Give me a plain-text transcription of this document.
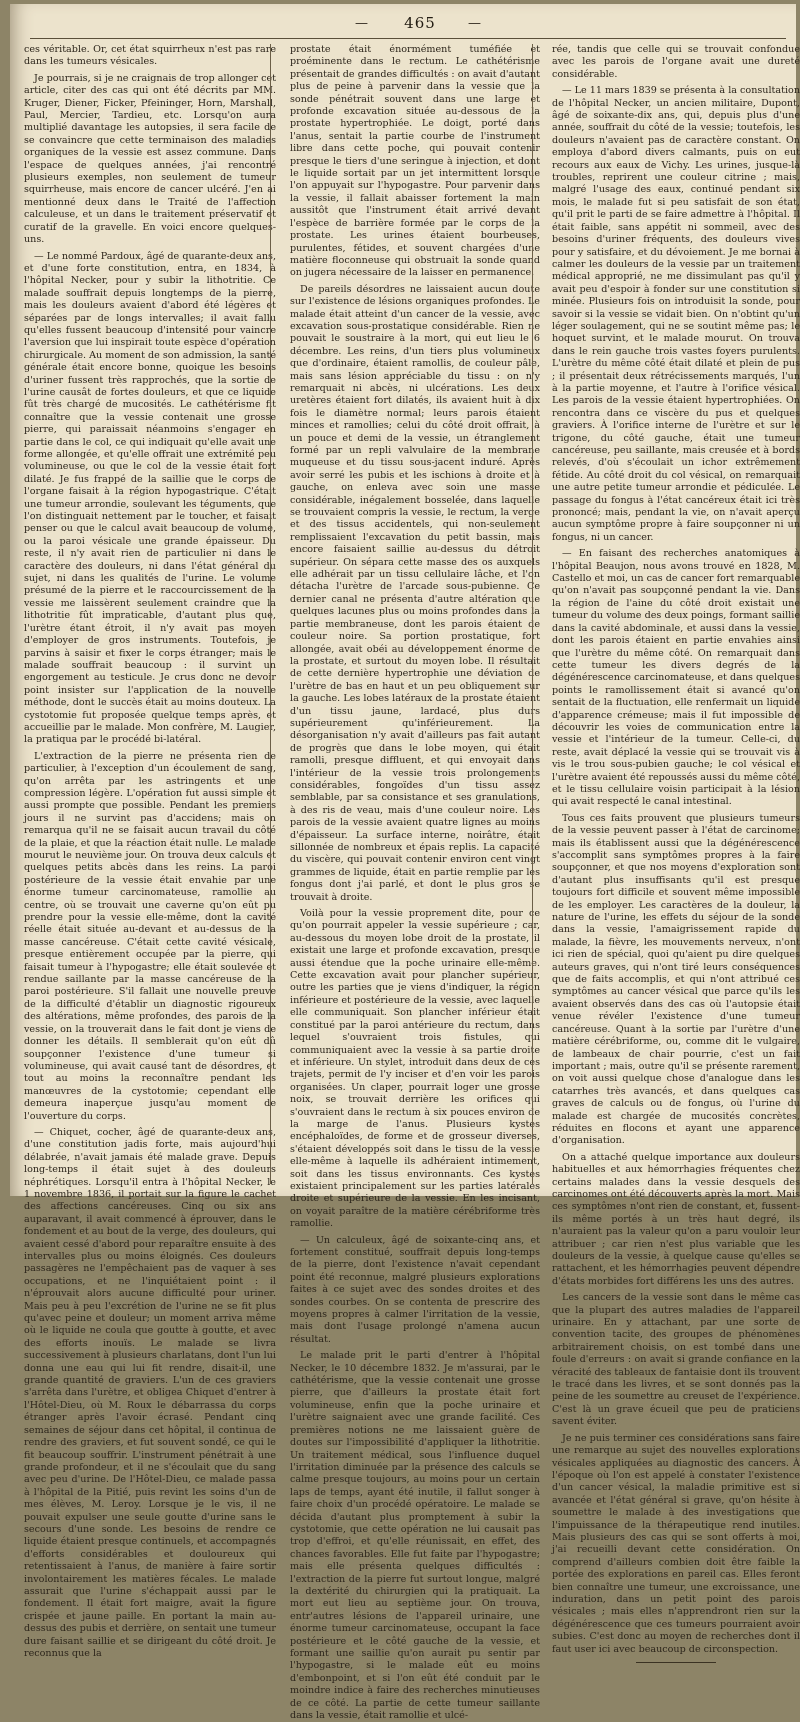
—	465	—

ces véritable. Or, cet état squirrheux n'est pas rare dans les tumeurs vésicales.

Je pourrais, si je ne craignais de trop allonger cet article, citer des cas qui ont été décrits par MM. Kruger, Diener, Ficker, Pfeininger, Horn, Marshall, Paul, Mercier, Tardieu, etc. Lorsqu'on aura multiplié davantage les autopsies, il sera facile de se convaincre que cette terminaison des maladies organiques de la vessie est assez commune. Dans l'espace de quelques années, j'ai rencontré plusieurs exemples, non seulement de tumeur squirrheuse, mais encore de cancer ulcéré. J'en ai mentionné deux dans le Traité de l'affection calculeuse, et un dans le traitement préservatif et curatif de la gravelle. En voici encore quelques-uns.

— Le nommé Pardoux, âgé de quarante-deux ans, et d'une forte constitution, entra, en 1834, à l'hôpital Necker, pour y subir la lithotritie. Ce malade souffrait depuis longtemps de la pierre, mais les douleurs avaient d'abord été légères et séparées par de longs intervalles; il avait fallu qu'elles fussent beaucoup d'intensité pour vaincre l'aversion que lui inspirait toute espèce d'opération chirurgicale. Au moment de son admission, la santé générale était encore bonne, quoique les besoins d'uriner fussent très rapprochés, que la sortie de l'urine causât de fortes douleurs, et que ce liquide fût très chargé de mucosités. Le cathétérisme fit connaître que la vessie contenait une grosse pierre, qui paraissait néanmoins s'engager en partie dans le col, ce qui indiquait qu'elle avait une forme allongée, et qu'elle offrait une extrémité peu volumineuse, ou que le col de la vessie était fort dilaté. Je fus frappé de la saillie que le corps de l'organe faisait à la région hypogastrique. C'était une tumeur arrondie, soulevant les téguments, que l'on distinguait nettement par le toucher, et faisait penser ou que le calcul avait beaucoup de volume, ou la paroi vésicale une grande épaisseur. Du reste, il n'y avait rien de particulier ni dans le caractère des douleurs, ni dans l'état général du sujet, ni dans les qualités de l'urine. Le volume présumé de la pierre et le raccourcissement de la vessie me laissèrent seulement craindre que la lithotritie fût impraticable, d'autant plus que, l'urètre étant étroit, il n'y avait pas moyen d'employer de gros instruments. Toutefois, je parvins à saisir et fixer le corps étranger; mais le malade souffrait beaucoup : il survint un engorgement au testicule. Je crus donc ne devoir point insister sur l'application de la nouvelle méthode, dont le succès était au moins douteux. La cystotomie fut proposée quelque temps après, et accueillie par le malade. Mon confrère, M. Laugier, la pratiqua par le procédé bi-latéral.

L'extraction de la pierre ne présenta rien de particulier, à l'exception d'un écoulement de sang, qu'on arrêta par les astringents et une compression légère. L'opération fut aussi simple et aussi prompte que possible. Pendant les premiers jours il ne survint pas d'accidens; mais on remarqua qu'il ne se faisait aucun travail du côté de la plaie, et que la réaction était nulle. Le malade mourut le neuvième jour. On trouva deux calculs et quelques petits abcès dans les reins. La paroi postérieure de la vessie était envahie par une énorme tumeur carcinomateuse, ramollie au centre, où se trouvait une caverne qu'on eût pu prendre pour la vessie elle-même, dont la cavité réelle était située au-devant et au-dessus de la masse cancéreuse. C'était cette cavité vésicale, presque entièrement occupée par la pierre, qui faisait tumeur à l'hypogastre; elle était soulevée et rendue saillante par la masse cancéreuse de la paroi postérieure. S'il fallait une nouvelle preuve de la difficulté d'établir un diagnostic rigoureux des altérations, même profondes, des parois de la vessie, on la trouverait dans le fait dont je viens de donner les détails. Il semblerait qu'on eût dû soupçonner l'existence d'une tumeur si volumineuse, qui avait causé tant de désordres, et tout au moins la reconnaître pendant les manœuvres de la cystotomie; cependant elle demeura inaperçue jusqu'au moment de l'ouverture du corps.

— Chiquet, cocher, âgé de quarante-deux ans, d'une constitution jadis forte, mais aujourd'hui délabrée, n'avait jamais été malade grave. Depuis long-temps il était sujet à des douleurs néphrétiques. Lorsqu'il entra à l'hôpital Necker, le 1 novembre 1836, il portait sur la figure le cachet des affections cancéreuses. Cinq ou six ans auparavant, il avait commencé à éprouver, dans le fondement et au bout de la verge, des douleurs, qui avaient cessé d'abord pour reparaître ensuite à des intervalles plus ou moins éloignés. Ces douleurs passagères ne l'empêchaient pas de vaquer à ses occupations, et ne l'inquiétaient point : il n'éprouvait alors aucune difficulté pour uriner. Mais peu à peu l'excrétion de l'urine ne se fit plus qu'avec peine et douleur; un moment arriva même où le liquide ne coula que goutte à goutte, et avec des efforts inouïs. Le malade se livra successivement à plusieurs charlatans, dont l'un lui donna une eau qui lui fit rendre, disait-il, une grande quantité de graviers. L'un de ces graviers s'arrêta dans l'urètre, et obligea Chiquet d'entrer à l'Hôtel-Dieu, où M. Roux le débarrassa du corps étranger après l'avoir écrasé. Pendant cinq semaines de séjour dans cet hôpital, il continua de rendre des graviers, et fut souvent sondé, ce qui le fit beaucoup souffrir. L'instrument pénétrait à une grande profondeur, et il ne s'écoulait que du sang avec peu d'urine. De l'Hôtel-Dieu, ce malade passa à l'hôpital de la Pitié, puis revint les soins d'un de mes élèves, M. Leroy. Lorsque je le vis, il ne pouvait expulser une seule goutte d'urine sans le secours d'une sonde. Les besoins de rendre ce liquide étaient presque continuels, et accompagnés d'efforts considérables et douloureux qui retentissaient à l'anus, de manière à faire sortir involontairement les matières fécales. Le malade assurait que l'urine s'échappait aussi par le fondement. Il était fort maigre, avait la figure crispée et jaune paille. En portant la main au-dessus des pubis et derrière, on sentait une tumeur dure faisant saillie et se dirigeant du côté droit. Je reconnus que la

prostate était énormément tuméfiée et proéminente dans le rectum. Le cathétérisme présentait de grandes difficultés : on avait d'autant plus de peine à parvenir dans la vessie que la sonde pénétrait souvent dans une large et profonde excavation située au-dessous de la prostate hypertrophiée. Le doigt, porté dans l'anus, sentait la partie courbe de l'instrument libre dans cette poche, qui pouvait contenir presque le tiers d'une seringue à injection, et dont le liquide sortait par un jet intermittent lorsque l'on appuyait sur l'hypogastre. Pour parvenir dans la vessie, il fallait abaisser fortement la main aussitôt que l'instrument était arrivé devant l'espèce de barrière formée par le corps de la prostate. Les urines étaient bourbeuses, purulentes, fétides, et souvent chargées d'une matière floconneuse qui obstruait la sonde quand on jugera nécessaire de la laisser en permanence.

De pareils désordres ne laissaient aucun doute sur l'existence de lésions organiques profondes. Le malade était atteint d'un cancer de la vessie, avec excavation sous-prostatique considérable. Rien ne pouvait le soustraire à la mort, qui eut lieu le 6 décembre. Les reins, d'un tiers plus volumineux que d'ordinaire, étaient ramollis, de couleur pâle, mais sans lésion appréciable du tissu : on n'y remarquait ni abcès, ni ulcérations. Les deux uretères étaient fort dilatés, ils avaient huit à dix fois le diamètre normal; leurs parois étaient minces et ramollies; celui du côté droit offrait, à un pouce et demi de la vessie, un étranglement formé par un repli valvulaire de la membrane muqueuse et du tissu sous-jacent induré. Après avoir serré les pubis et les ischions à droite et à gauche, on enleva avec soin une masse considérable, inégalement bosselée, dans laquelle se trouvaient compris la vessie, le rectum, la verge et des tissus accidentels, qui non-seulement remplissaient l'excavation du petit bassin, mais encore faisaient saillie au-dessus du détroit supérieur. On sépara cette masse des os auxquels elle adhérait par un tissu cellulaire lâche, et l'on détacha l'urètre de l'arcade sous-pubienne. Ce dernier canal ne présenta d'autre altération que quelques lacunes plus ou moins profondes dans la partie membraneuse, dont les parois étaient de couleur noire. Sa portion prostatique, fort allongée, avait obéi au développement énorme de la prostate, et surtout du moyen lobe. Il résultait de cette dernière hypertrophie une déviation de l'urètre de bas en haut et un peu obliquement sur la gauche. Les lobes latéraux de la prostate étaient d'un tissu jaune, lardacé, plus durs supérieurement qu'inférieurement. La désorganisation n'y avait d'ailleurs pas fait autant de progrès que dans le lobe moyen, qui était ramolli, presque diffluent, et qui envoyait dans l'intérieur de la vessie trois prolongements considérables, fongoïdes d'un tissu assez semblable, par sa consistance et ses granulations, à des ris de veau, mais d'une couleur noire. Les parois de la vessie avaient quatre lignes au moins d'épaisseur. La surface interne, noirâtre, était sillonnée de nombreux et épais replis. La capacité du viscère, qui pouvait contenir environ cent vingt grammes de liquide, était en partie remplie par les fongus dont j'ai parlé, et dont le plus gros se trouvait à droite.

Voilà pour la vessie proprement dite, pour ce qu'on pourrait appeler la vessie supérieure ; car, au-dessous du moyen lobe droit de la prostate, il existait une large et profonde excavation, presque aussi étendue que la poche urinaire elle-même. Cette excavation avait pour plancher supérieur, outre les parties que je viens d'indiquer, la région inférieure et postérieure de la vessie, avec laquelle elle communiquait. Son plancher inférieur était constitué par la paroi antérieure du rectum, dans lequel s'ouvraient trois fistules, qui communiquaient avec la vessie à sa partie droite et inférieure. Un stylet, introduit dans deux de ces trajets, permit de l'y inciser et d'en voir les parois organisées. Un claper, pourrait loger une grosse noix, se trouvait derrière les orifices qui s'ouvraient dans le rectum à six pouces environ de la marge de l'anus. Plusieurs kystes encéphaloïdes, de forme et de grosseur diverses, s'étaient développés soit dans le tissu de la vessie elle-même à laquelle ils adhéraient intimement, soit dans les tissus environnants. Ces kystes existaient principalement sur les parties latérales droite et supérieure de la vessie. En les incisant, on voyait paraître de la matière cérébriforme très ramollie.

— Un calculeux, âgé de soixante-cinq ans, et fortement constitué, souffrait depuis long-temps de la pierre, dont l'existence n'avait cependant point été reconnue, malgré plusieurs explorations faites à ce sujet avec des sondes droites et des sondes courbes. On se contenta de prescrire des moyens propres à calmer l'irritation de la vessie, mais dont l'usage prolongé n'amena aucun résultat.

Le malade prit le parti d'entrer à l'hôpital Necker, le 10 décembre 1832. Je m'assurai, par le cathétérisme, que la vessie contenait une grosse pierre, que d'ailleurs la prostate était fort volumineuse, enfin que la poche urinaire et l'urètre saignaient avec une grande facilité. Ces premières notions ne me laissaient guère de doutes sur l'impossibilité d'appliquer la lithotritie. Un traitement médical, sous l'influence duquel l'irritation diminuée par la présence des calculs se calme presque toujours, au moins pour un certain laps de temps, ayant été inutile, il fallut songer à faire choix d'un procédé opératoire. Le malade se décida d'autant plus promptement à subir la cystotomie, que cette opération ne lui causait pas trop d'effroi, et qu'elle réunissait, en effet, des chances favorables. Elle fut faite par l'hypogastre; mais elle présenta quelques difficultés : l'extraction de la pierre fut surtout longue, malgré la dextérité du chirurgien qui la pratiquait. La mort eut lieu au septième jour. On trouva, entr'autres lésions de l'appareil urinaire, une énorme tumeur carcinomateuse, occupant la face postérieure et le côté gauche de la vessie, et formant une saillie qu'on aurait pu sentir par l'hypogastre, si le malade eût eu moins d'embonpoint, et si l'on eût été conduit par le moindre indice à faire des recherches minutieuses de ce côté. La partie de cette tumeur saillante dans la vessie, était ramollie et ulcé-

rée, tandis que celle qui se trouvait confondue avec les parois de l'organe avait une dureté considérable.

— Le 11 mars 1839 se présenta à la consultation de l'hôpital Necker, un ancien militaire, Dupont, âgé de soixante-dix ans, qui, depuis plus d'une année, souffrait du côté de la vessie; toutefois, les douleurs n'avaient pas de caractère constant. On employa d'abord divers calmants, puis on eut recours aux eaux de Vichy. Les urines, jusque-là troubles, reprirent une couleur citrine ; mais, malgré l'usage des eaux, continué pendant six mois, le malade fut si peu satisfait de son état, qu'il prit le parti de se faire admettre à l'hôpital. Il était faible, sans appétit ni sommeil, avec des besoins d'uriner fréquents, des douleurs vives pour y satisfaire, et du dévoiement. Je me bornai à calmer les douleurs de la vessie par un traitement médical approprié, ne me dissimulant pas qu'il y avait peu d'espoir à fonder sur une constitution si minée. Plusieurs fois on introduisit la sonde, pour savoir si la vessie se vidait bien. On n'obtint qu'un léger soulagement, qui ne se soutint même pas; le hoquet survint, et le malade mourut. On trouva dans le rein gauche trois vastes foyers purulents. L'urètre du même côté était dilaté et plein de pus ; il présentait deux rétrécissements marqués, l'un à la partie moyenne, et l'autre à l'orifice vésical. Les parois de la vessie étaient hypertrophiées. On rencontra dans ce viscère du pus et quelques graviers. À l'orifice interne de l'urètre et sur le trigone, du côté gauche, était une tumeur cancéreuse, peu saillante, mais creusée et à bords relevés, d'où s'écoulait un ichor extrêmement fétide. Au côté droit du col vésical, on remarquait une autre petite tumeur arrondie et pédiculée. Le passage du fongus à l'état cancéreux était ici très prononcé; mais, pendant la vie, on n'avait aperçu aucun symptôme propre à faire soupçonner ni un fongus, ni un cancer.

— En faisant des recherches anatomiques à l'hôpital Beaujon, nous avons trouvé en 1828, M. Castello et moi, un cas de cancer fort remarquable qu'on n'avait pas soupçonné pendant la vie. Dans la région de l'aine du côté droit existait une tumeur du volume des deux poings, formant saillie dans la cavité abdominale, et aussi dans la vessie, dont les parois étaient en partie envahies ainsi que l'urètre du même côté. On remarquait dans cette tumeur les divers degrés de la dégénérescence carcinomateuse, et dans quelques points le ramollissement était si avancé qu'on sentait de la fluctuation, elle renfermait un liquide d'apparence crémeuse; mais il fut impossible de découvrir les voies de communication entre la vessie et l'intérieur de la tumeur. Celle-ci, du reste, avait déplacé la vessie qui se trouvait vis à vis le trou sous-pubien gauche; le col vésical et l'urètre avaient été repoussés aussi du même côté, et le tissu cellulaire voisin participait à la lésion qui avait respecté le canal intestinal.

Tous ces faits prouvent que plusieurs tumeurs de la vessie peuvent passer à l'état de carcinome; mais ils établissent aussi que la dégénérescence s'accomplit sans symptômes propres à la faire soupçonner, et que nos moyens d'exploration sont d'autant plus insuffisants qu'il est presque toujours fort difficile et souvent même impossible de les employer. Les caractères de la douleur, la nature de l'urine, les effets du séjour de la sonde dans la vessie, l'amaigrissement rapide du malade, la fièvre, les mouvements nerveux, n'ont ici rien de spécial, quoi qu'aient pu dire quelques auteurs graves, qui n'ont tiré leurs conséquences que de faits accomplis, et qui n'ont attribué ces symptômes au cancer vésical que parce qu'ils les avaient observés dans des cas où l'autopsie était venue révéler l'existence d'une tumeur cancéreuse. Quant à la sortie par l'urètre d'une matière cérébriforme, ou, comme dit le vulgaire, de lambeaux de chair pourrie, c'est un fait important ; mais, outre qu'il se présente rarement, on voit aussi quelque chose d'analogue dans les catarrhes très avancés, et dans quelques cas graves de calculs ou de fongus, où l'urine du malade est chargée de mucosités concrètes, réduites en flocons et ayant une apparence d'organisation.

On a attaché quelque importance aux douleurs habituelles et aux hémorrhagies fréquentes chez certains malades dans la vessie desquels des carcinomes ont été découverts après la mort. Mais ces symptômes n'ont rien de constant, et, fussent-ils même portés à un très haut degré, ils n'auraient pas la valeur qu'on a paru vouloir leur attribuer ; car rien n'est plus variable que les douleurs de la vessie, à quelque cause qu'elles se rattachent, et les hémorrhagies peuvent dépendre d'états morbides fort différens les uns des autres.

Les cancers de la vessie sont dans le même cas que la plupart des autres maladies de l'appareil urinaire. En y attachant, par une sorte de convention tacite, des groupes de phénomènes arbitrairement choisis, on est tombé dans une foule d'erreurs : on avait si grande confiance en la véracité des tableaux de fantaisie dont ils trouvent le tracé dans les livres, et se sont donnés pas la peine de les soumettre au creuset de l'expérience. C'est là un grave écueil que peu de praticiens savent éviter.

Je ne puis terminer ces considérations sans faire une remarque au sujet des nouvelles explorations vésicales appliquées au diagnostic des cancers. À l'époque où l'on est appelé à constater l'existence d'un cancer vésical, la maladie primitive est si avancée et l'état général si grave, qu'on hésite à soumettre le malade à des investigations que l'impuissance de la thérapeutique rend inutiles. Mais plusieurs des cas qui se sont offerts à moi, j'ai recueilli devant cette considération. On comprend d'ailleurs combien doit être faible la portée des explorations en pareil cas. Elles feront bien connaître une tumeur, une excroissance, une induration, dans un petit point des parois vésicales ; mais elles n'apprendront rien sur la dégénérescence que ces tumeurs pourraient avoir subies. C'est donc au moyen de recherches dont il faut user ici avec beaucoup de circonspection.
